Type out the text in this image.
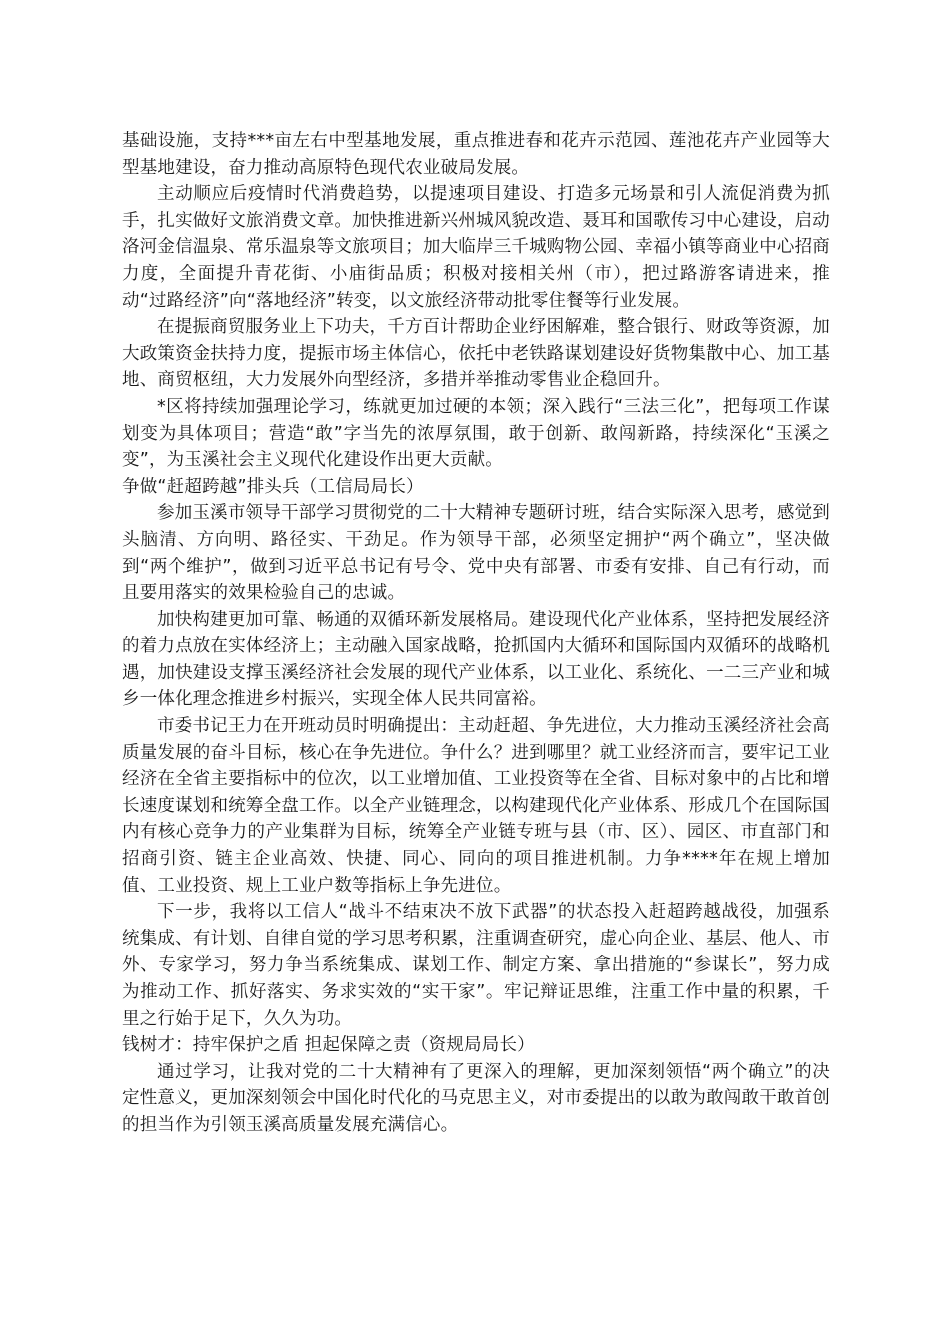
基础设施，支持***亩左右中型基地发展，重点推进春和花卉示范园、莲池花卉产业园等大型基地建设，奋力推动高原特色现代农业破局发展。

主动顺应后疫情时代消费趋势，以提速项目建设、打造多元场景和引人流促消费为抓手，扎实做好文旅消费文章。加快推进新兴州城风貌改造、聂耳和国歌传习中心建设，启动洛河金信温泉、常乐温泉等文旅项目；加大临岸三千城购物公园、幸福小镇等商业中心招商力度，全面提升青花街、小庙街品质；积极对接相关州（市），把过路游客请进来，推动“过路经济”向“落地经济”转变，以文旅经济带动批零住餐等行业发展。

在提振商贸服务业上下功夫，千方百计帮助企业纾困解难，整合银行、财政等资源，加大政策资金扶持力度，提振市场主体信心，依托中老铁路谋划建设好货物集散中心、加工基地、商贸枢纽，大力发展外向型经济，多措并举推动零售业企稳回升。

*区将持续加强理论学习，练就更加过硬的本领；深入践行“三法三化”，把每项工作谋划变为具体项目；营造“敢”字当先的浓厚氛围，敢于创新、敢闯新路，持续深化“玉溪之变”，为玉溪社会主义现代化建设作出更大贡献。

争做“赶超跨越”排头兵（工信局局长）

参加玉溪市领导干部学习贯彻党的二十大精神专题研讨班，结合实际深入思考，感觉到头脑清、方向明、路径实、干劲足。作为领导干部，必须坚定拥护“两个确立”，坚决做到“两个维护”，做到习近平总书记有号令、党中央有部署、市委有安排、自己有行动，而且要用落实的效果检验自己的忠诚。

加快构建更加可靠、畅通的双循环新发展格局。建设现代化产业体系，坚持把发展经济的着力点放在实体经济上；主动融入国家战略，抢抓国内大循环和国际国内双循环的战略机遇，加快建设支撑玉溪经济社会发展的现代产业体系，以工业化、系统化、一二三产业和城乡一体化理念推进乡村振兴，实现全体人民共同富裕。

市委书记王力在开班动员时明确提出：主动赶超、争先进位，大力推动玉溪经济社会高质量发展的奋斗目标，核心在争先进位。争什么？进到哪里？就工业经济而言，要牢记工业经济在全省主要指标中的位次，以工业增加值、工业投资等在全省、目标对象中的占比和增长速度谋划和统筹全盘工作。以全产业链理念，以构建现代化产业体系、形成几个在国际国内有核心竞争力的产业集群为目标，统筹全产业链专班与县（市、区）、园区、市直部门和招商引资、链主企业高效、快捷、同心、同向的项目推进机制。力争****年在规上增加值、工业投资、规上工业户数等指标上争先进位。

下一步，我将以工信人“战斗不结束决不放下武器”的状态投入赶超跨越战役，加强系统集成、有计划、自律自觉的学习思考积累，注重调查研究，虚心向企业、基层、他人、市外、专家学习，努力争当系统集成、谋划工作、制定方案、拿出措施的“参谋长”，努力成为推动工作、抓好落实、务求实效的“实干家”。牢记辩证思维，注重工作中量的积累，千里之行始于足下，久久为功。

钱树才：持牢保护之盾 担起保障之责（资规局局长）

通过学习，让我对党的二十大精神有了更深入的理解，更加深刻领悟“两个确立”的决定性意义，更加深刻领会中国化时代化的马克思主义，对市委提出的以敢为敢闯敢干敢首创的担当作为引领玉溪高质量发展充满信心。
